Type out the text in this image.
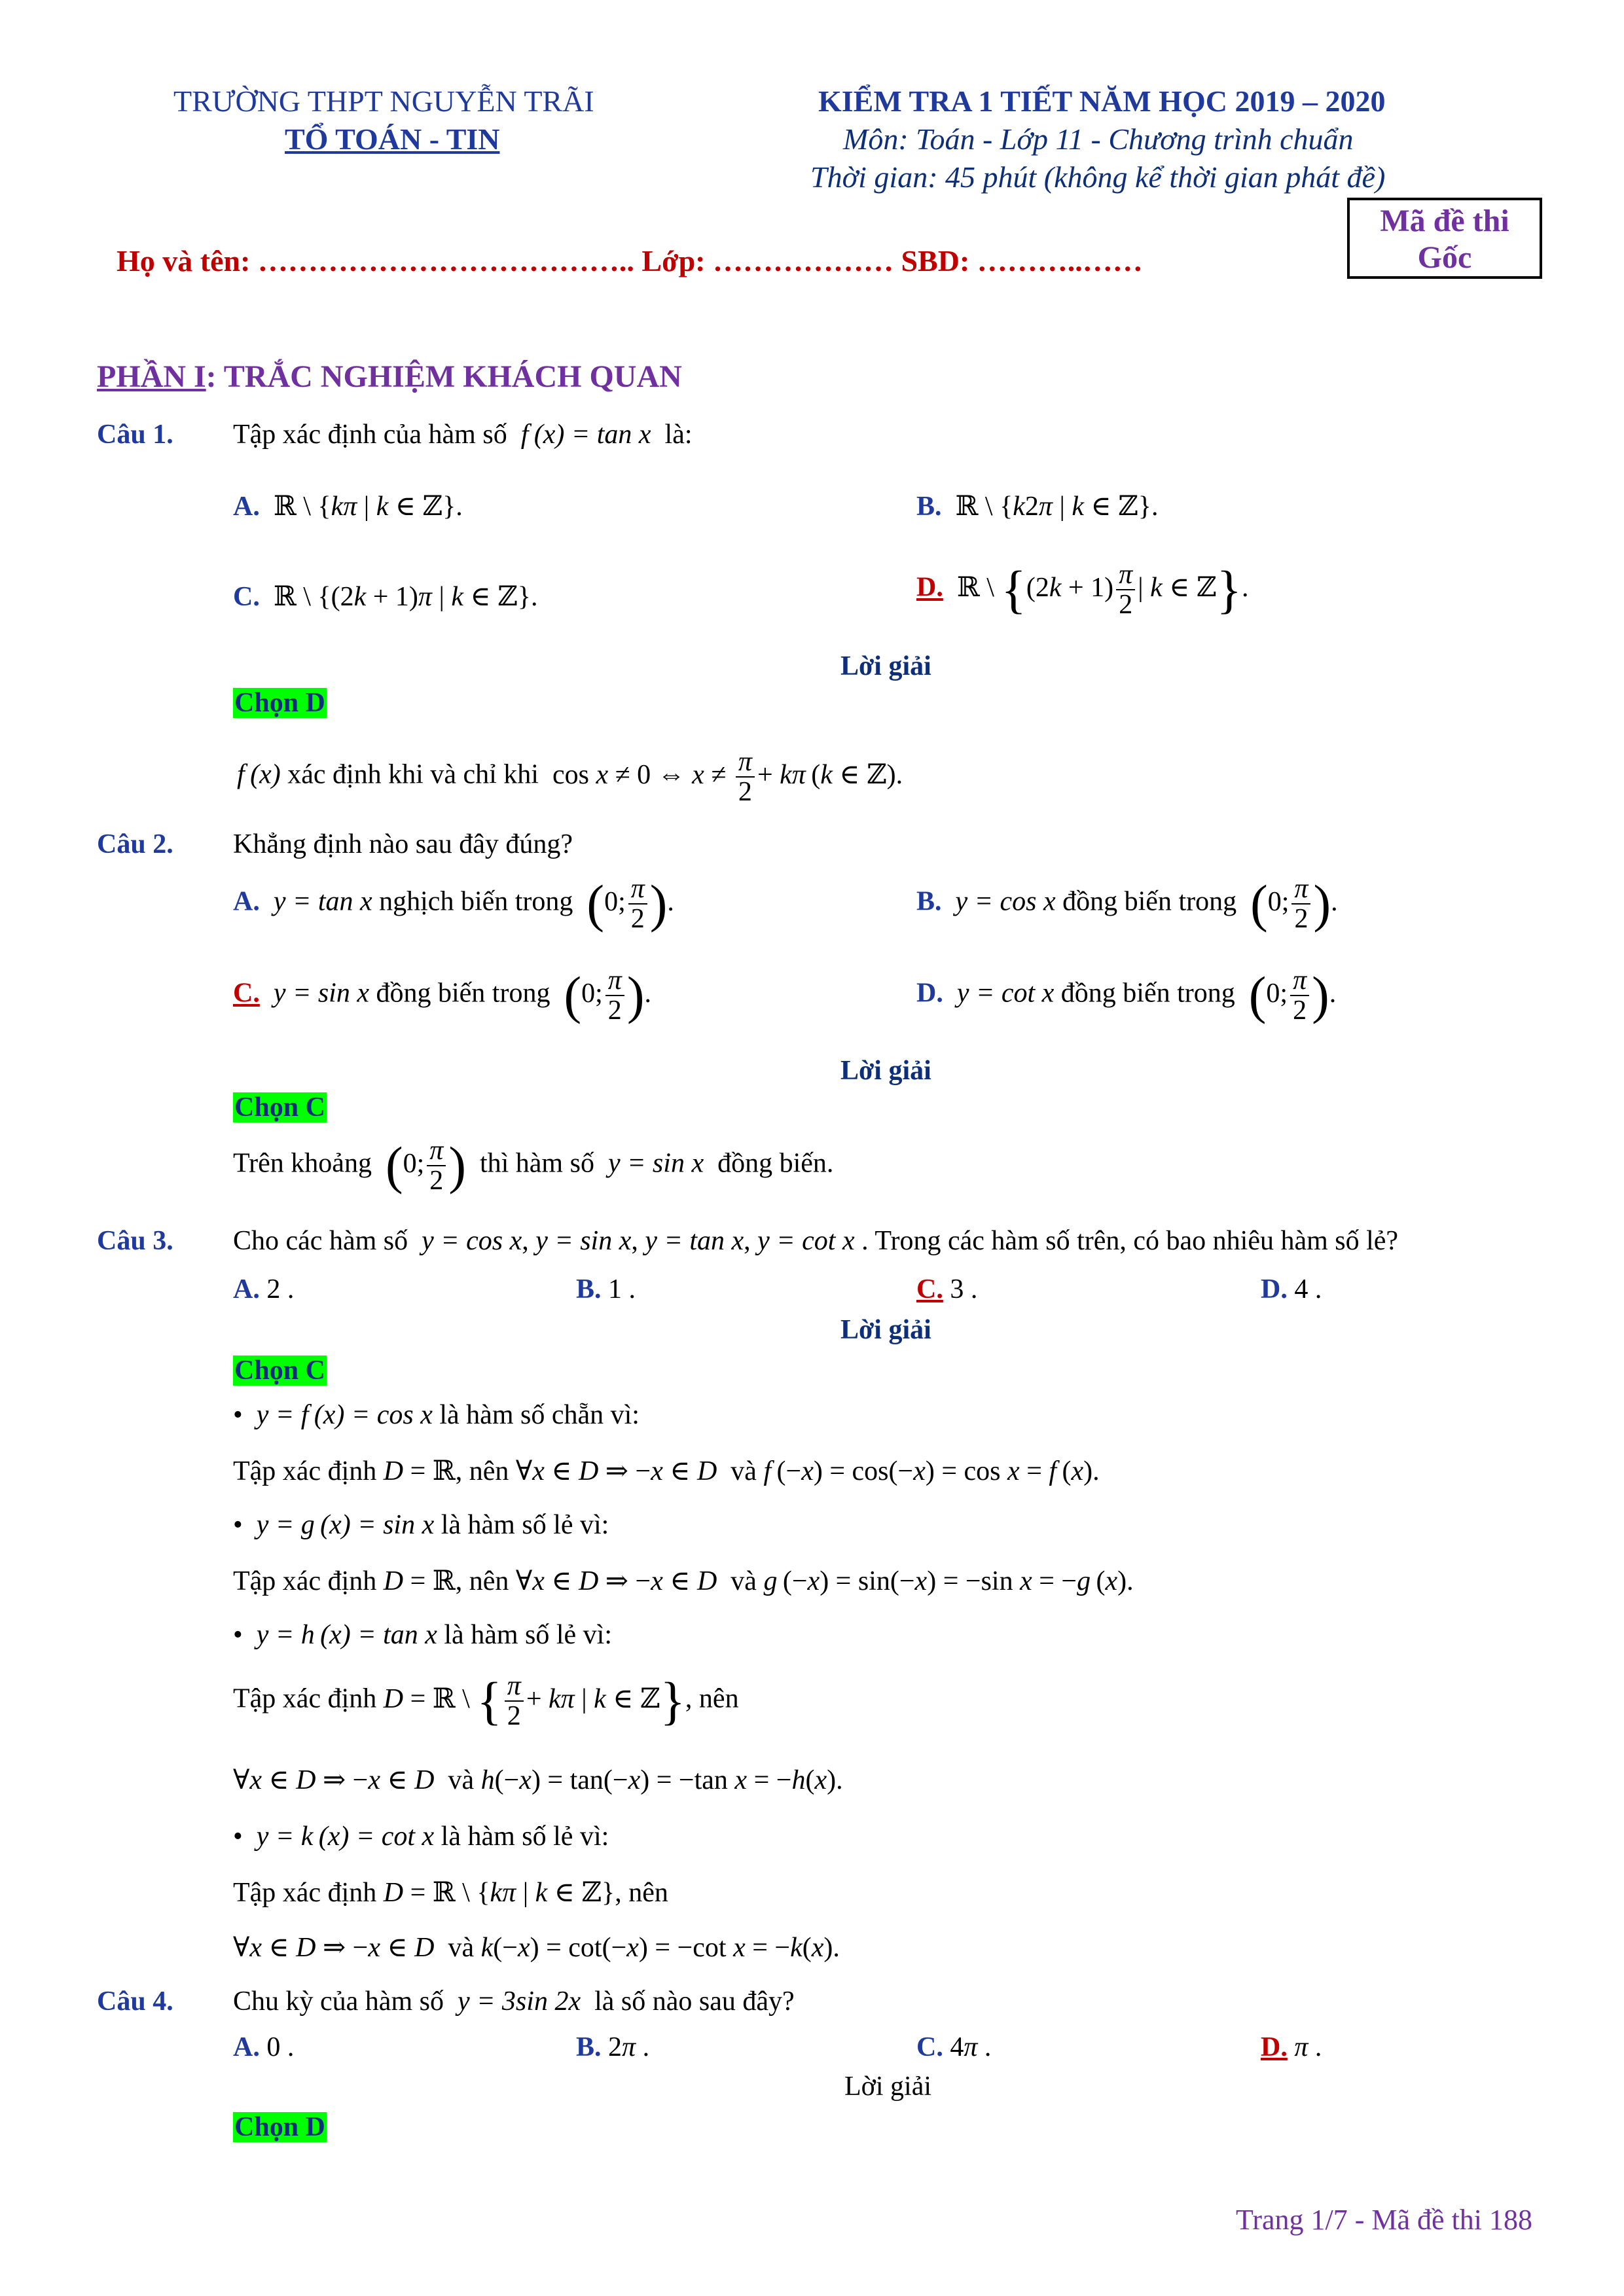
TRƯỜNG THPT NGUYỄN TRÃI
TỔ TOÁN - TIN
KIỂM TRA 1 TIẾT NĂM HỌC 2019 – 2020
Môn: Toán - Lớp 11 - Chương trình chuẩn
Thời gian: 45 phút (không kể thời gian phát đề)
Mã đề thi
Gốc
Họ và tên: ……………………………….. Lớp: ……………… SBD: ………..……
PHẦN I: TRẮC NGHIỆM KHÁCH QUAN
Câu 1. Tập xác định của hàm số  f (x) = tan x  là:
A.  ℝ \ {kπ | k ∈ ℤ}.	B.  ℝ \ {k2π | k ∈ ℤ}.
C.  ℝ \ {(2k + 1)π | k ∈ ℤ}.	D.  ℝ \ {$(2k + 1) \frac{\pi}{2}$ | k ∈ ℤ}.
Lời giải
Chọn D
f (x) xác định khi và chỉ khi  cos x ≠ 0 ⇔ $x \ne \frac{\pi}{2} + k\pi$ (k ∈ ℤ).
Câu 2. Khẳng định nào sau đây đúng?
A.  y = tan x nghịch biến trong (0; $\frac{\pi}{2}$ ).	B.  y = cos x đồng biến trong (0; $\frac{\pi}{2}$ ).
C.  y = sin x đồng biến trong (0; $\frac{\pi}{2}$ ).	D.  y = cot x đồng biến trong (0; $\frac{\pi}{2}$ ).
Lời giải
Chọn C
Trên khoảng (0; $\frac{\pi}{2}$ ) thì hàm số  y = sin x  đồng biến.
Câu 3. Cho các hàm số  y = cos x, y = sin x, y = tan x, y = cot x . Trong các hàm số trên, có bao nhiêu hàm số lẻ?
A. 2 .	B. 1 .	C. 3 .	D. 4 .
Lời giải
Chọn C
•  y = f (x) = cos x là hàm số chẵn vì:
Tập xác định D = ℝ, nên ∀x ∈ D ⇒ −x ∈ D và f (−x) = cos(−x) = cos x = f (x).
•  y = g (x) = sin x là hàm số lẻ vì:
Tập xác định D = ℝ, nên ∀x ∈ D ⇒ −x ∈ D và g (−x) = sin(−x) = −sin x = −g (x).
•  y = h (x) = tan x là hàm số lẻ vì:
Tập xác định D = ℝ \ { $\frac{\pi}{2} + k\pi$ | k ∈ ℤ}, nên
∀x ∈ D ⇒ −x ∈ D và h(−x) = tan(−x) = −tan x = −h(x).
•  y = k (x) = cot x là hàm số lẻ vì:
Tập xác định D = ℝ \ {kπ | k ∈ ℤ}, nên
∀x ∈ D ⇒ −x ∈ D và k(−x) = cot(−x) = −cot x = −k(x).
Câu 4. Chu kỳ của hàm số  y = 3sin 2x  là số nào sau đây?
A. 0 .	B. 2π .	C. 4π .	D. π .
Lời giải
Chọn D
Trang 1/7 - Mã đề thi 188
